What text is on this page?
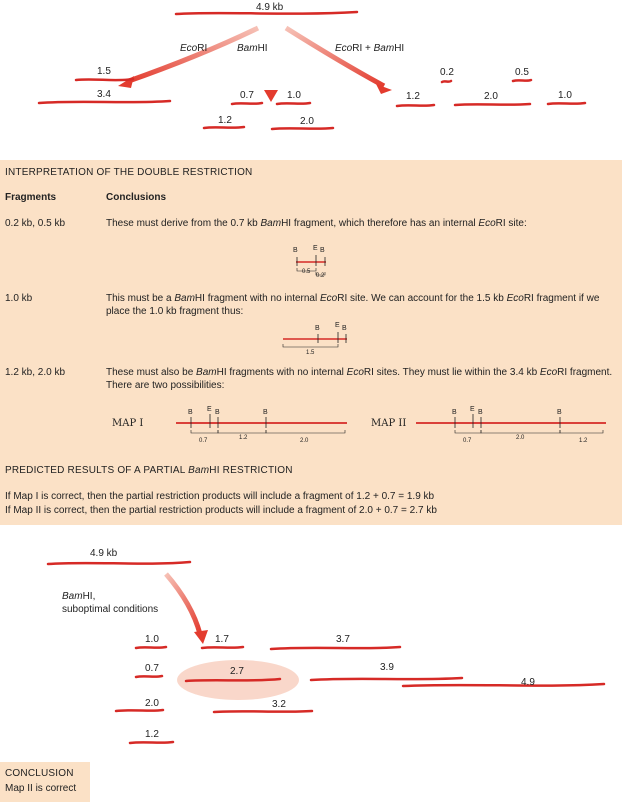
4.9 kb
EcoRI	BamHI	EcoRI + BamHI
1.5
3.4	0.7	1.0
1.2	2.0
0.2	0.5
1.2	2.0	1.0
INTERPRETATION OF THE DOUBLE RESTRICTION
Fragments	Conclusions
0.2 kb, 0.5 kb	These must derive from the 0.7 kb BamHI fragment, which therefore has an internal EcoRI site:
B E B
0.5
0.2
1.0 kb	This must be a BamHI fragment with no internal EcoRI site. We can account for the 1.5 kb EcoRI fragment if we
place the 1.0 kb fragment thus:
B E B
1.5
1.2 kb, 2.0 kb	These must also be BamHI fragments with no internal EcoRI sites. They must lie within the 3.4 kb EcoRI fragment.
There are two possibilities:
MAP I
B E B	B
0.7	1.2	2.0
MAP II
B E B	B
0.7	2.0	1.2
PREDICTED RESULTS OF A PARTIAL BamHI RESTRICTION
If Map I is correct, then the partial restriction products will include a fragment of 1.2 + 0.7 = 1.9 kb
If Map II is correct, then the partial restriction products will include a fragment of 2.0 + 0.7 = 2.7 kb
4.9 kb
BamHI,
suboptimal conditions
1.0	1.7	3.7
0.7	2.7	3.9
4.9
2.0	3.2
1.2
CONCLUSION
Map II is correct
